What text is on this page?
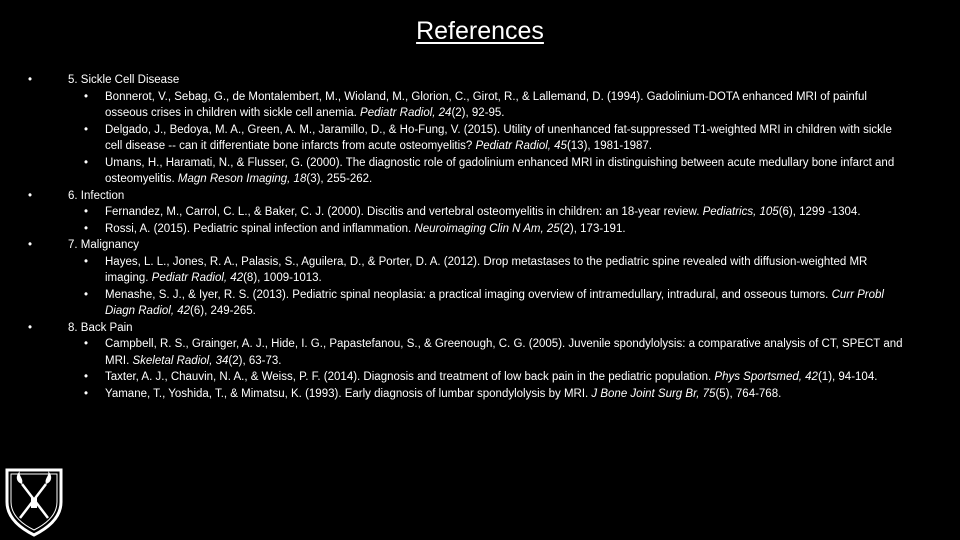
References
•	5. Sickle Cell Disease
• Bonnerot, V., Sebag, G., de Montalembert, M., Wioland, M., Glorion, C., Girot, R., & Lallemand, D. (1994). Gadolinium-DOTA enhanced MRI of painful osseous crises in children with sickle cell anemia. Pediatr Radiol, 24(2), 92-95.
• Delgado, J., Bedoya, M. A., Green, A. M., Jaramillo, D., & Ho-Fung, V. (2015). Utility of unenhanced fat-suppressed T1-weighted MRI in children with sickle cell disease -- can it differentiate bone infarcts from acute osteomyelitis? Pediatr Radiol, 45(13), 1981-1987.
• Umans, H., Haramati, N., & Flusser, G. (2000). The diagnostic role of gadolinium enhanced MRI in distinguishing between acute medullary bone infarct and osteomyelitis. Magn Reson Imaging, 18(3), 255-262.
•	6. Infection
• Fernandez, M., Carrol, C. L., & Baker, C. J. (2000). Discitis and vertebral osteomyelitis in children: an 18-year review. Pediatrics, 105(6), 1299 -1304.
• Rossi, A. (2015). Pediatric spinal infection and inflammation. Neuroimaging Clin N Am, 25(2), 173-191.
•	7. Malignancy
• Hayes, L. L., Jones, R. A., Palasis, S., Aguilera, D., & Porter, D. A. (2012). Drop metastases to the pediatric spine revealed with diffusion-weighted MR imaging. Pediatr Radiol, 42(8), 1009-1013.
• Menashe, S. J., & Iyer, R. S. (2013). Pediatric spinal neoplasia: a practical imaging overview of intramedullary, intradural, and osseous tumors. Curr Probl Diagn Radiol, 42(6), 249-265.
•	8. Back Pain
• Campbell, R. S., Grainger, A. J., Hide, I. G., Papastefanou, S., & Greenough, C. G. (2005). Juvenile spondylolysis: a comparative analysis of CT, SPECT and MRI. Skeletal Radiol, 34(2), 63-73.
• Taxter, A. J., Chauvin, N. A., & Weiss, P. F. (2014). Diagnosis and treatment of low back pain in the pediatric population. Phys Sportsmed, 42(1), 94-104.
• Yamane, T., Yoshida, T., & Mimatsu, K. (1993). Early diagnosis of lumbar spondylolysis by MRI. J Bone Joint Surg Br, 75(5), 764-768.
